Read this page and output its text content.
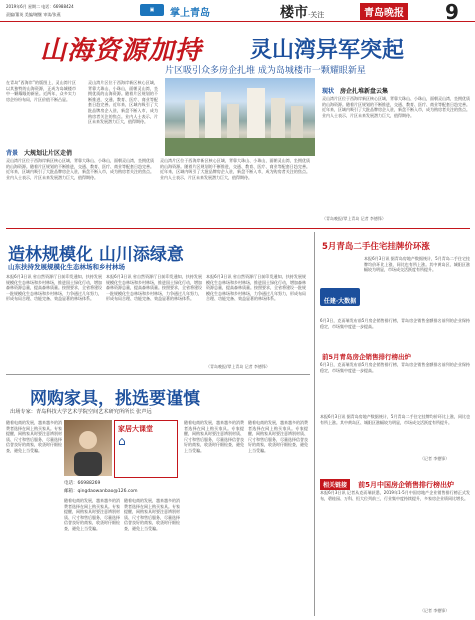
2019年6月 星期二 电话：66988424
责编/董英 美编/谢继 审读/张燕
▣	掌上青岛	楼市·关注	青岛晚报 9
山海资源加持 灵山湾异军突起
片区吸引众多房企扎堆 成为岛城楼市一颗耀眼新星
在青岛“西海岸”的版图上，灵山湾片区以其独特的山海资源，正成为岛城楼市中一颗耀眼的新星。近两年，众多实力房企纷纷布局，片区价值不断凸显。
灵山湾片区位于西海岸新区核心区域，背靠大珠山、小珠山，面朝灵山湾，坐拥优质的山海资源。随着片区规划的不断推进，交通、教育、医疗、商业等配套日趋完善。近年来，区域内吸引了大批品牌房企入驻，新盘不断入市，成为购房者关注的焦点。业内人士表示，片区未来发展潜力巨大，值得期待。
背景　 大规划让片区走俏
灵山湾片区位于西海岸新区核心区域，背靠大珠山、小珠山，面朝灵山湾，坐拥优质的山海资源。随着片区规划的不断推进，交通、教育、医疗、商业等配套日趋完善。近年来，区域内吸引了大批品牌房企入驻，新盘不断入市，成为购房者关注的焦点。业内人士表示，片区未来发展潜力巨大，值得期待。
灵山湾片区位于西海岸新区核心区域，背靠大珠山、小珠山，面朝灵山湾，坐拥优质的山海资源。随着片区规划的不断推进，交通、教育、医疗、商业等配套日趋完善。近年来，区域内吸引了大批品牌房企入驻，新盘不断入市，成为购房者关注的焦点。业内人士表示，片区未来发展潜力巨大，值得期待。
现状　 房企扎堆新盘云集
灵山湾片区位于西海岸新区核心区域，背靠大珠山、小珠山，面朝灵山湾，坐拥优质的山海资源。随着片区规划的不断推进，交通、教育、医疗、商业等配套日趋完善。近年来，区域内吸引了大批品牌房企入驻，新盘不断入市，成为购房者关注的焦点。业内人士表示，片区未来发展潜力巨大，值得期待。
（青岛晚报/掌上青岛 记者 李德锋）
造林规模化 山川添绿意
山东扶持发展规模化生态林场和乡村林场
本报6月3日讯 省自然资源厅日前印发通知，扶持发展规模化生态林场和乡村林场，推进国土绿化行动，增加森林资源总量，提高森林质量。按照要求，全省将建设一批规模化生态林场和乡村林场，力争通过几年努力，形成布局合理、功能完备、效益显著的林场体系。
本报6月3日讯 省自然资源厅日前印发通知，扶持发展规模化生态林场和乡村林场，推进国土绿化行动，增加森林资源总量，提高森林质量。按照要求，全省将建设一批规模化生态林场和乡村林场，力争通过几年努力，形成布局合理、功能完备、效益显著的林场体系。
本报6月3日讯 省自然资源厅日前印发通知，扶持发展规模化生态林场和乡村林场，推进国土绿化行动，增加森林资源总量，提高森林质量。按照要求，全省将建设一批规模化生态林场和乡村林场，力争通过几年努力，形成布局合理、功能完备、效益显著的林场体系。
（青岛晚报/掌上青岛 记者 李德锋）
网购家具，挑选要谨慎
出场专家：青岛科技大学艺术学院空间艺术研究所所长 张声远
随着电商的发展，越来越多的消费者选择在网上购买家具。专家提醒，网购家具时要注意辨别材质、尺寸和售后服务，尽量选择信誉良好的商家，收货时仔细检查，避免上当受骗。
家居大课堂
⌂
电话：66988269
邮箱：qingdaowanbao@126.com
随着电商的发展，越来越多的消费者选择在网上购买家具。专家提醒，网购家具时要注意辨别材质、尺寸和售后服务，尽量选择信誉良好的商家，收货时仔细检查，避免上当受骗。
随着电商的发展，越来越多的消费者选择在网上购买家具。专家提醒，网购家具时要注意辨别材质、尺寸和售后服务，尽量选择信誉良好的商家，收货时仔细检查，避免上当受骗。
随着电商的发展，越来越多的消费者选择在网上购买家具。专家提醒，网购家具时要注意辨别材质、尺寸和售后服务，尽量选择信誉良好的商家，收货时仔细检查，避免上当受骗。
随着电商的发展，越来越多的消费者选择在网上购买家具。专家提醒，网购家具时要注意辨别材质、尺寸和售后服务，尽量选择信誉良好的商家，收货时仔细检查，避免上当受骗。
5月青岛二手住宅挂牌价环涨
任建·大数据
本报6月3日讯 据青岛房地产数据统计，5月青岛二手住宅挂牌均价环比上涨，同比也有所上涨。其中黄岛区、城阳区涨幅较为明显，市场成交活跃度有所提升。
6月3日，克而瑞发布前5月房企销售排行榜，青岛房企销售金额排名前列的企业保持稳定，市场集中度进一步提高。
前5月青岛房企销售排行榜出炉
6月3日，克而瑞发布前5月房企销售排行榜，青岛房企销售金额排名前列的企业保持稳定，市场集中度进一步提高。
本报6月3日讯 据青岛房地产数据统计，5月青岛二手住宅挂牌均价环比上涨，同比也有所上涨。其中黄岛区、城阳区涨幅较为明显，市场成交活跃度有所提升。
（记者 李德锋）
相关链接 前5月中国房企销售排行榜出炉
本报6月3日讯 记者从克而瑞获悉，2019年1-5月中国房地产企业销售排行榜正式发布，碧桂园、万科、恒大位列前三，行业集中度持续提升，多家房企业绩同比增长。
（记者 李德锋）
